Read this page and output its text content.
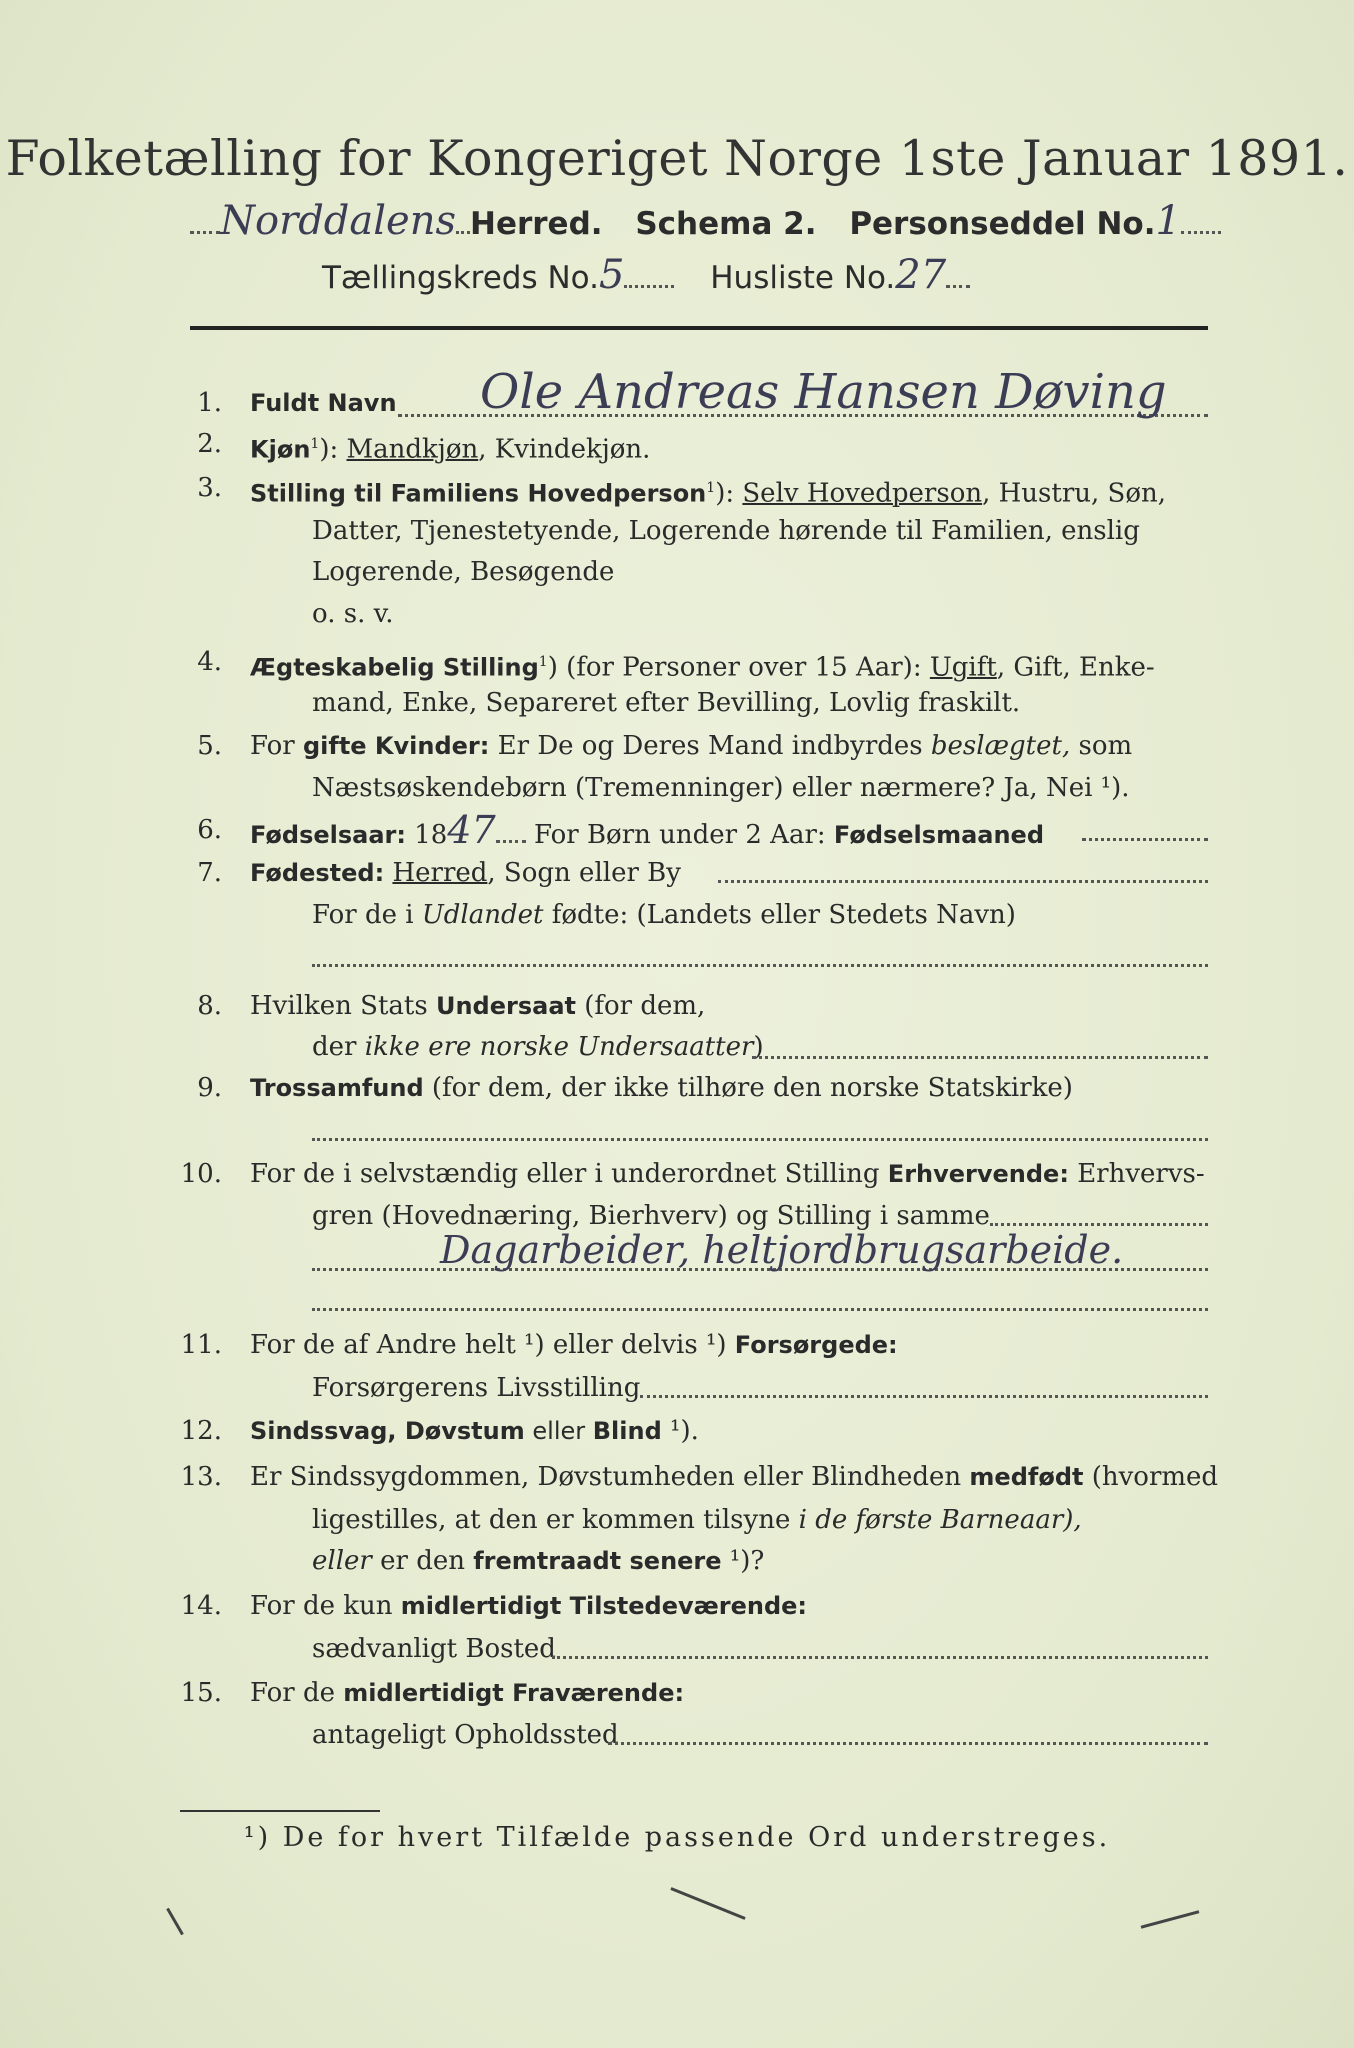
Folketælling for Kongeriget Norge 1ste Januar 1891.
Norddalens Herred. Schema 2. Personseddel No.1
Tællingskreds No.5	Husliste No.27
1. Fuldt Navn	Ole Andreas Hansen Døving
2. Kjøn$^1$): Mandkjøn, Kvindekjøn.
3. Stilling til Familiens Hovedperson$^1$): Selv Hovedperson, Hustru, Søn,
Datter, Tjenestetyende, Logerende hørende til Familien, enslig
Logerende, Besøgende
o. s. v.
4. Ægteskabelig Stilling$^1$) (for Personer over 15 Aar): Ugift, Gift, Enke-
mand, Enke, Separeret efter Bevilling, Lovlig fraskilt.
5. For gifte Kvinder: Er De og Deres Mand indbyrdes beslægtet, som
Næstsøskendebørn (Tremenninger) eller nærmere? Ja, Nei ¹).
6. Fødselsaar: 1847 For Børn under 2 Aar: Fødselsmaaned
7. Fødested: Herred, Sogn eller By
For de i Udlandet fødte: (Landets eller Stedets Navn)
8. Hvilken Stats Undersaat (for dem,
der ikke ere norske Undersaatter)
9. Trossamfund (for dem, der ikke tilhøre den norske Statskirke)
10. For de i selvstændig eller i underordnet Stilling Erhvervende: Erhvervs-
gren (Hovednæring, Bierhverv) og Stilling i samme
Dagarbeider, heltjordbrugsarbeide.
11. For de af Andre helt ¹) eller delvis ¹) Forsørgede:
Forsørgerens Livsstilling
12. Sindssvag, Døvstum eller Blind ¹).
13. Er Sindssygdommen, Døvstumheden eller Blindheden medfødt (hvormed
ligestilles, at den er kommen tilsyne i de første Barneaar),
eller er den fremtraadt senere ¹)?
14. For de kun midlertidigt Tilstedeværende:
sædvanligt Bosted
15. For de midlertidigt Fraværende:
antageligt Opholdssted
¹) De for hvert Tilfælde passende Ord understreges.
